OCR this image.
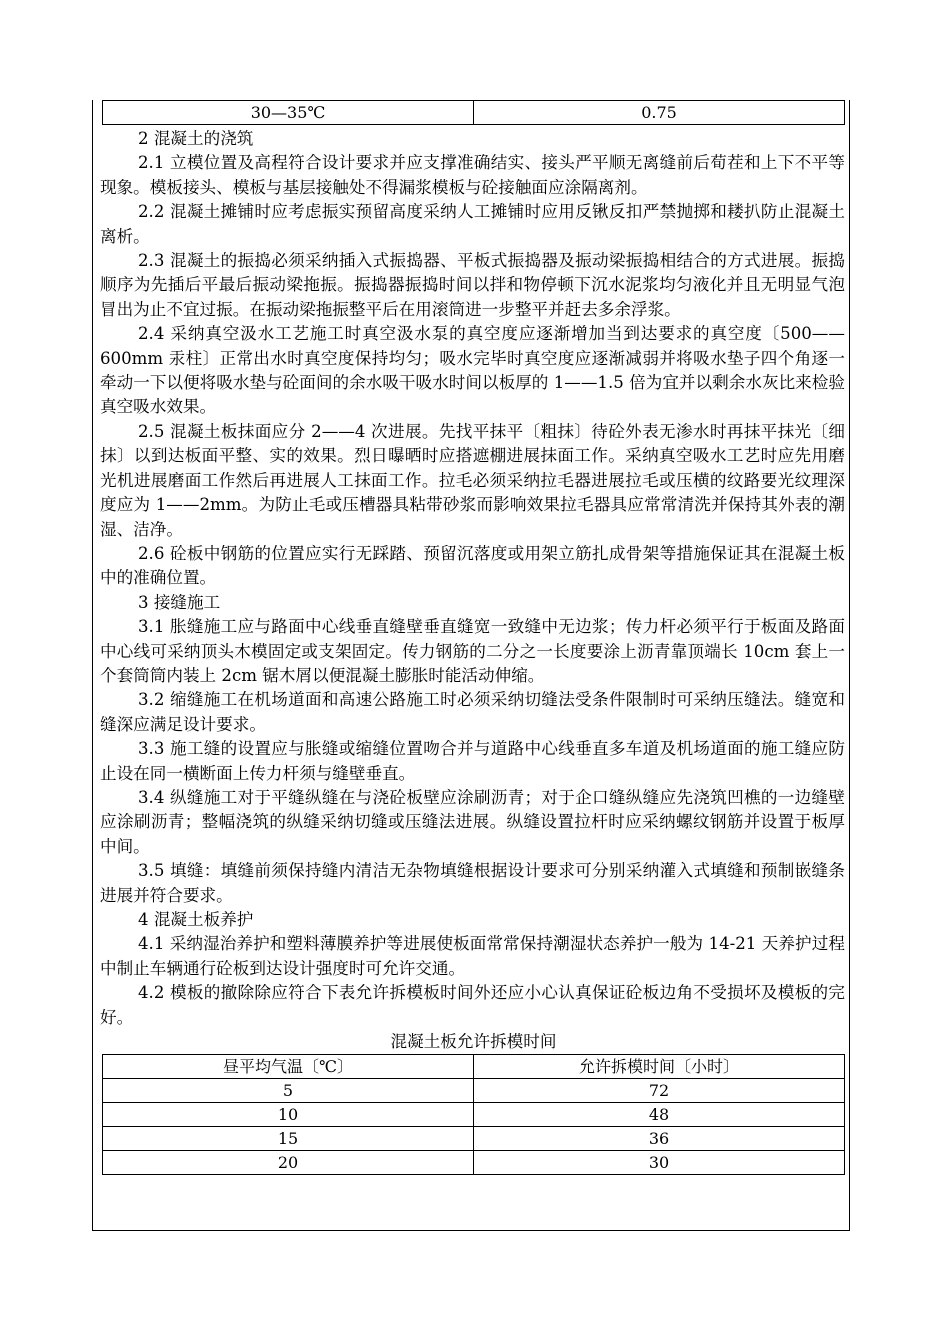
30—35℃	0.75

2 混凝土的浇筑

2.1 立模位置及高程符合设计要求并应支撑准确结实、接头严平顺无离缝前后荀茬和上下不平等现象。模板接头、模板与基层接触处不得漏浆模板与砼接触面应涂隔离剂。

2.2 混凝土摊铺时应考虑振实预留高度采纳人工摊铺时应用反锹反扣严禁抛掷和耧扒防止混凝土离析。

2.3 混凝土的振捣必须采纳插入式振捣器、平板式振捣器及振动梁振捣相结合的方式进展。振捣顺序为先插后平最后振动梁拖振。振捣器振捣时间以拌和物停顿下沉水泥浆均匀液化并且无明显气泡冒出为止不宜过振。在振动梁拖振整平后在用滚筒进一步整平并赶去多余浮浆。

2.4 采纳真空汲水工艺施工时真空汲水泵的真空度应逐渐增加当到达要求的真空度〔500——600mm 汞柱〕正常出水时真空度保持均匀；吸水完毕时真空度应逐渐减弱并将吸水垫子四个角逐一牵动一下以便将吸水垫与砼面间的余水吸干吸水时间以板厚的 1——1.5 倍为宜并以剩余水灰比来检验真空吸水效果。

2.5 混凝土板抹面应分 2——4 次进展。先找平抹平〔粗抹〕待砼外表无渗水时再抹平抹光〔细抹〕以到达板面平整、实的效果。烈日曝晒时应搭遮棚进展抹面工作。采纳真空吸水工艺时应先用磨光机进展磨面工作然后再进展人工抹面工作。拉毛必须采纳拉毛器进展拉毛或压横的纹路要光纹理深度应为 1——2mm。为防止毛或压槽器具粘带砂浆而影响效果拉毛器具应常常清洗并保持其外表的潮湿、洁净。

2.6 砼板中钢筋的位置应实行无踩踏、预留沉落度或用架立筋扎成骨架等措施保证其在混凝土板中的准确位置。

3 接缝施工

3.1 胀缝施工应与路面中心线垂直缝壁垂直缝宽一致缝中无边浆；传力杆必须平行于板面及路面中心线可采纳顶头木模固定或支架固定。传力钢筋的二分之一长度要涂上沥青靠顶端长 10cm 套上一个套筒筒内装上 2cm 锯木屑以便混凝土膨胀时能活动伸缩。

3.2 缩缝施工在机场道面和高速公路施工时必须采纳切缝法受条件限制时可采纳压缝法。缝宽和缝深应满足设计要求。

3.3 施工缝的设置应与胀缝或缩缝位置吻合并与道路中心线垂直多车道及机场道面的施工缝应防止设在同一横断面上传力杆须与缝壁垂直。

3.4 纵缝施工对于平缝纵缝在与浇砼板壁应涂刷沥青；对于企口缝纵缝应先浇筑凹樵的一边缝壁应涂刷沥青；整幅浇筑的纵缝采纳切缝或压缝法进展。纵缝设置拉杆时应采纳螺纹钢筋并设置于板厚中间。

3.5 填缝：填缝前须保持缝内清洁无杂物填缝根据设计要求可分别采纳灌入式填缝和预制嵌缝条进展并符合要求。

4 混凝土板养护

4.1 采纳湿治养护和塑料薄膜养护等进展使板面常常保持潮湿状态养护一般为 14-21 天养护过程中制止车辆通行砼板到达设计强度时可允许交通。

4.2 模板的撤除除应符合下表允许拆模板时间外还应小心认真保证砼板边角不受损坏及模板的完好。

混凝土板允许拆模时间

昼平均气温〔℃〕	允许拆模时间〔小时〕
5	72
10	48
15	36
20	30
